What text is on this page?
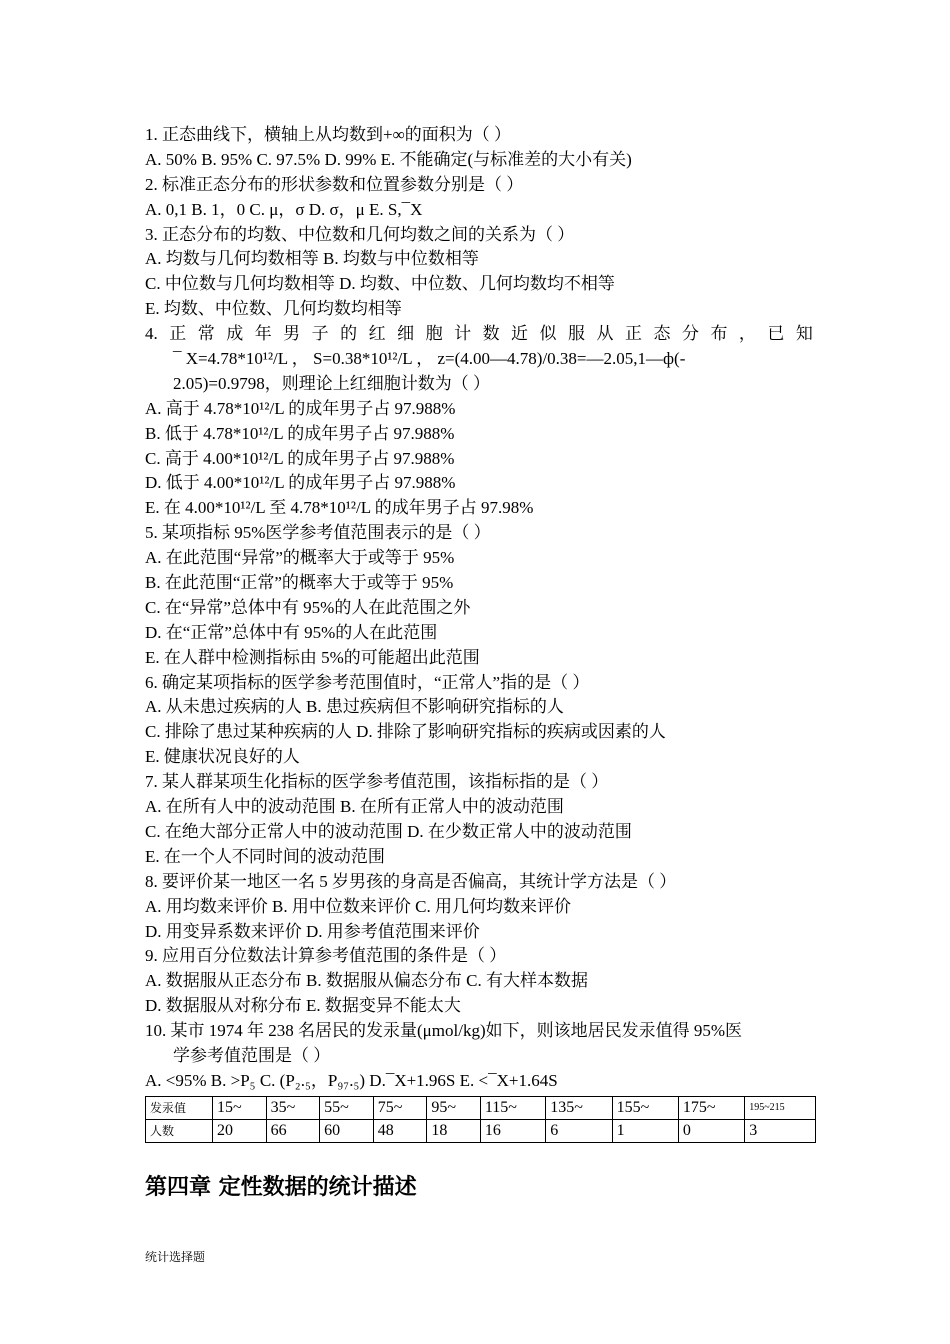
1. 正态曲线下，横轴上从均数到+∞的面积为（ ）
A. 50% B. 95% C. 97.5% D. 99% E. 不能确定(与标准差的大小有关)
2. 标准正态分布的形状参数和位置参数分别是（ ）
A. 0,1 B. 1，0 C. μ，σ D. σ，μ E. S,¯X
3. 正态分布的均数、中位数和几何均数之间的关系为（ ）
A. 均数与几何均数相等 B. 均数与中位数相等
C. 中位数与几何均数相等 D. 均数、中位数、几何均数均不相等
E. 均数、中位数、几何均数均相等
4. 正 常 成 年 男 子 的 红 细 胞 计 数 近 似 服 从 正 态 分 布 ， 已 知
¯ X=4.78*10¹²/L ， S=0.38*10¹²/L ， z=(4.00—4.78)/0.38=—2.05,1—ф(-
2.05)=0.9798，则理论上红细胞计数为（ ）
A. 高于 4.78*10¹²/L 的成年男子占 97.988%
B. 低于 4.78*10¹²/L 的成年男子占 97.988%
C. 高于 4.00*10¹²/L 的成年男子占 97.988%
D. 低于 4.00*10¹²/L 的成年男子占 97.988%
E. 在 4.00*10¹²/L 至 4.78*10¹²/L 的成年男子占 97.98%
5. 某项指标 95%医学参考值范围表示的是（ ）
A. 在此范围“异常”的概率大于或等于 95%
B. 在此范围“正常”的概率大于或等于 95%
C. 在“异常”总体中有 95%的人在此范围之外
D. 在“正常”总体中有 95%的人在此范围
E. 在人群中检测指标由 5%的可能超出此范围
6. 确定某项指标的医学参考范围值时，“正常人”指的是（ ）
A. 从未患过疾病的人 B. 患过疾病但不影响研究指标的人
C. 排除了患过某种疾病的人 D. 排除了影响研究指标的疾病或因素的人
E. 健康状况良好的人
7. 某人群某项生化指标的医学参考值范围，该指标指的是（ ）
A. 在所有人中的波动范围 B. 在所有正常人中的波动范围
C. 在绝大部分正常人中的波动范围 D. 在少数正常人中的波动范围
E. 在一个人不同时间的波动范围
8. 要评价某一地区一名 5 岁男孩的身高是否偏高，其统计学方法是（ ）
A. 用均数来评价 B. 用中位数来评价 C. 用几何均数来评价
D. 用变异系数来评价 D. 用参考值范围来评价
9. 应用百分位数法计算参考值范围的条件是（ ）
A. 数据服从正态分布 B. 数据服从偏态分布 C. 有大样本数据
D. 数据服从对称分布 E. 数据变异不能太大
10. 某市 1974 年 238 名居民的发汞量(μmol/kg)如下，则该地居民发汞值得 95%医
学参考值范围是（ ）
A. <95% B. >P₅ C. (P₂.₅，P₉₇.₅) D.¯X+1.96S E. <¯X+1.64S
发汞值	15~	35~	55~	75~	95~	115~	135~	155~	175~	195~215
人数	20	66	60	48	18	16	6	1	0	3
第四章 定性数据的统计描述
统计选择题
